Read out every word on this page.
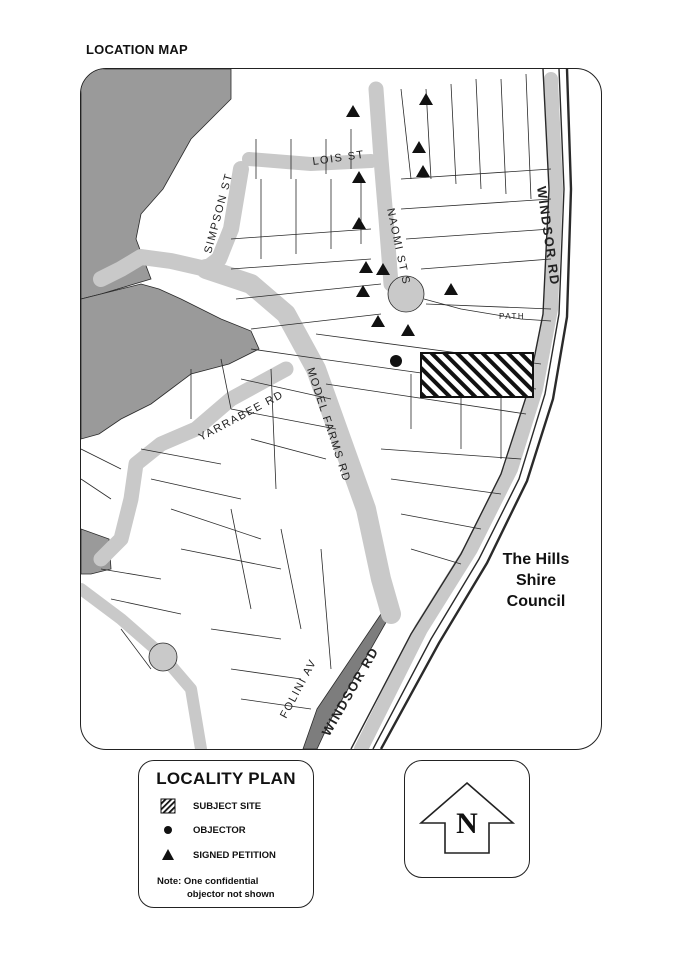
LOCATION MAP
LOIS ST
NAOMI ST S
SIMPSON ST
YARRABEE RD MODEL FARMS RD
WINDSOR RD
WINDSOR RD
FOLINI AV
PATH
The Hills
Shire
Council
LOCALITY PLAN
SUBJECT SITE
OBJECTOR
SIGNED PETITION
Note: One confidential
objector not shown
N
